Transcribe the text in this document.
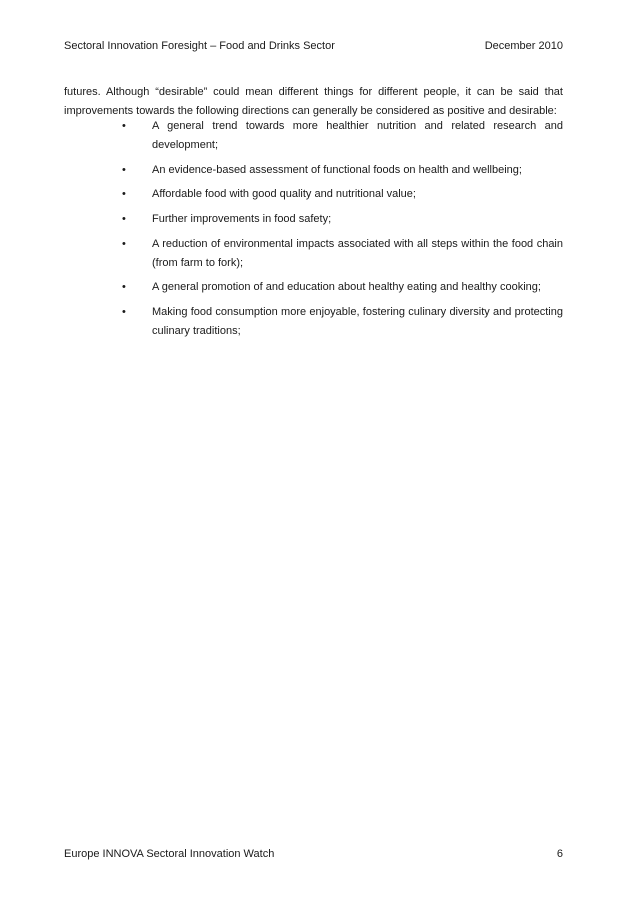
Sectoral Innovation Foresight – Food and Drinks Sector	December 2010

futures. Although “desirable” could mean different things for different people, it can be said that improvements towards the following directions can generally be considered as positive and desirable:

• A general trend towards more healthier nutrition and related research and development;
• An evidence-based assessment of functional foods on health and wellbeing;
• Affordable food with good quality and nutritional value;
• Further improvements in food safety;
• A reduction of environmental impacts associated with all steps within the food chain (from farm to fork);
• A general promotion of and education about healthy eating and healthy cooking;
• Making food consumption more enjoyable, fostering culinary diversity and protecting culinary traditions;
Europe INNOVA Sectoral Innovation Watch	6
